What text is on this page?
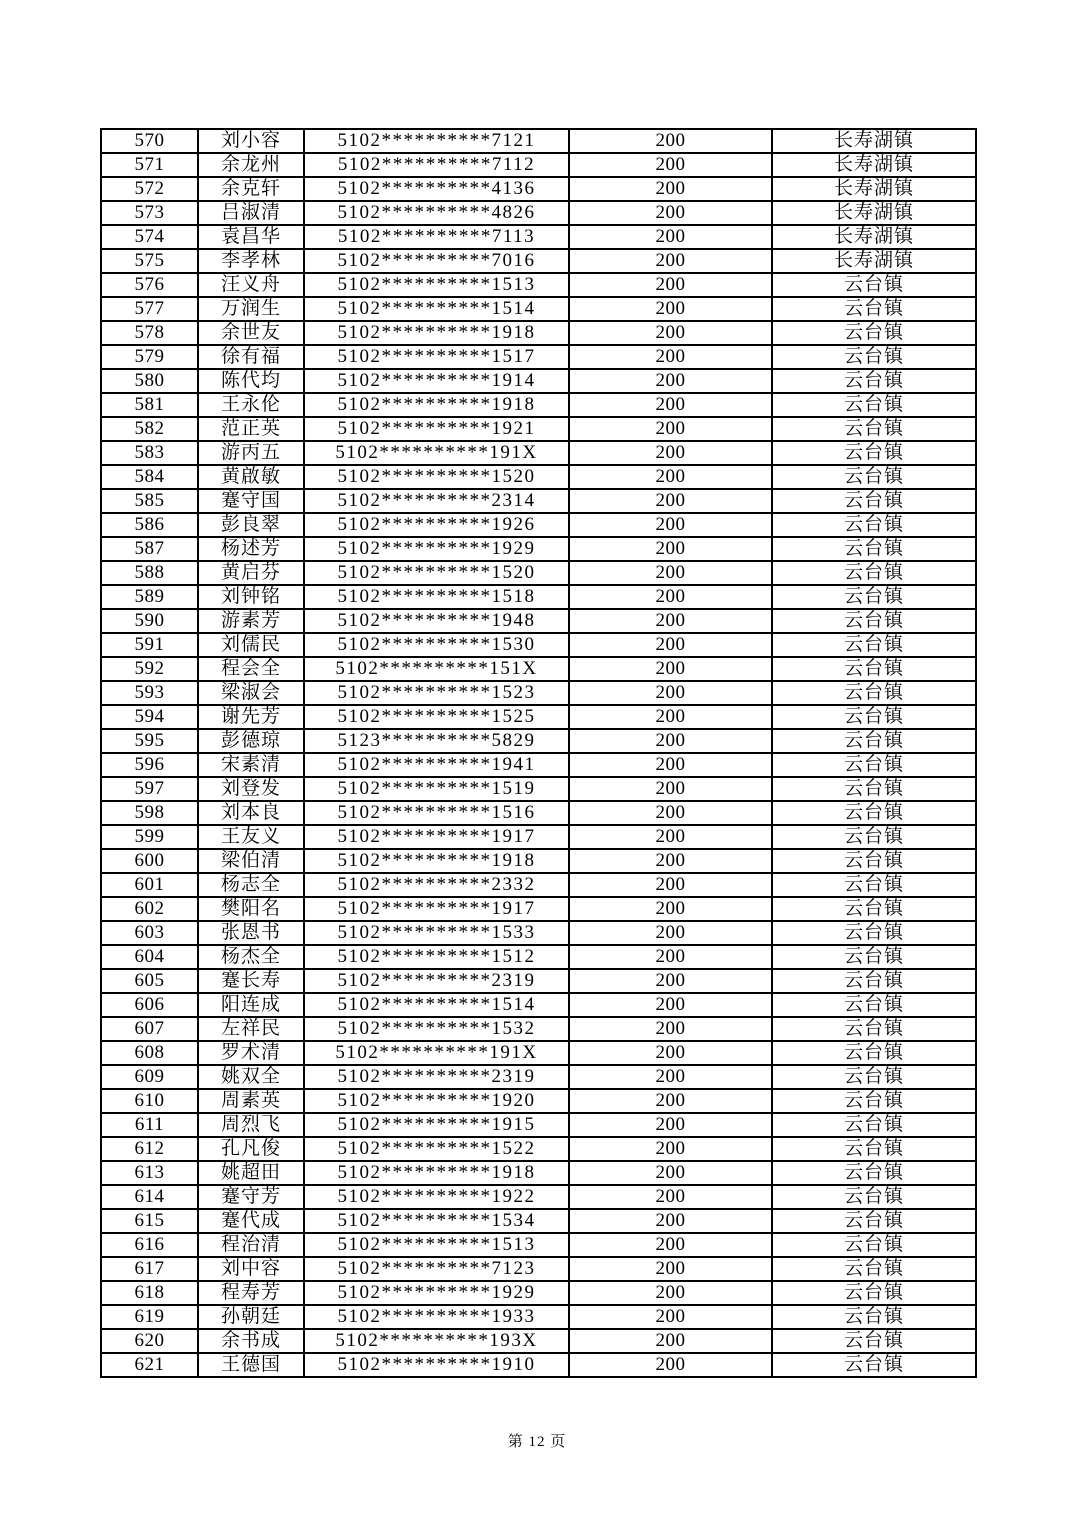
570	刘小容	5102**********7121	200	长寿湖镇
571	余龙州	5102**********7112	200	长寿湖镇
572	余克轩	5102**********4136	200	长寿湖镇
573	吕淑清	5102**********4826	200	长寿湖镇
574	袁昌华	5102**********7113	200	长寿湖镇
575	李孝林	5102**********7016	200	长寿湖镇
576	汪义舟	5102**********1513	200	云台镇
577	万润生	5102**********1514	200	云台镇
578	余世友	5102**********1918	200	云台镇
579	徐有福	5102**********1517	200	云台镇
580	陈代均	5102**********1914	200	云台镇
581	王永伦	5102**********1918	200	云台镇
582	范正英	5102**********1921	200	云台镇
583	游丙五	5102**********191X	200	云台镇
584	黄啟敏	5102**********1520	200	云台镇
585	蹇守国	5102**********2314	200	云台镇
586	彭良翠	5102**********1926	200	云台镇
587	杨述芳	5102**********1929	200	云台镇
588	黄启芬	5102**********1520	200	云台镇
589	刘钟铭	5102**********1518	200	云台镇
590	游素芳	5102**********1948	200	云台镇
591	刘儒民	5102**********1530	200	云台镇
592	程会全	5102**********151X	200	云台镇
593	梁淑会	5102**********1523	200	云台镇
594	谢先芳	5102**********1525	200	云台镇
595	彭德琼	5123**********5829	200	云台镇
596	宋素清	5102**********1941	200	云台镇
597	刘登发	5102**********1519	200	云台镇
598	刘本良	5102**********1516	200	云台镇
599	王友义	5102**********1917	200	云台镇
600	梁伯清	5102**********1918	200	云台镇
601	杨志全	5102**********2332	200	云台镇
602	樊阳名	5102**********1917	200	云台镇
603	张恩书	5102**********1533	200	云台镇
604	杨杰全	5102**********1512	200	云台镇
605	蹇长寿	5102**********2319	200	云台镇
606	阳连成	5102**********1514	200	云台镇
607	左祥民	5102**********1532	200	云台镇
608	罗术清	5102**********191X	200	云台镇
609	姚双全	5102**********2319	200	云台镇
610	周素英	5102**********1920	200	云台镇
611	周烈飞	5102**********1915	200	云台镇
612	孔凡俊	5102**********1522	200	云台镇
613	姚超田	5102**********1918	200	云台镇
614	蹇守芳	5102**********1922	200	云台镇
615	蹇代成	5102**********1534	200	云台镇
616	程治清	5102**********1513	200	云台镇
617	刘中容	5102**********7123	200	云台镇
618	程寿芳	5102**********1929	200	云台镇
619	孙朝廷	5102**********1933	200	云台镇
620	余书成	5102**********193X	200	云台镇
621	王德国	5102**********1910	200	云台镇
第 12 页
